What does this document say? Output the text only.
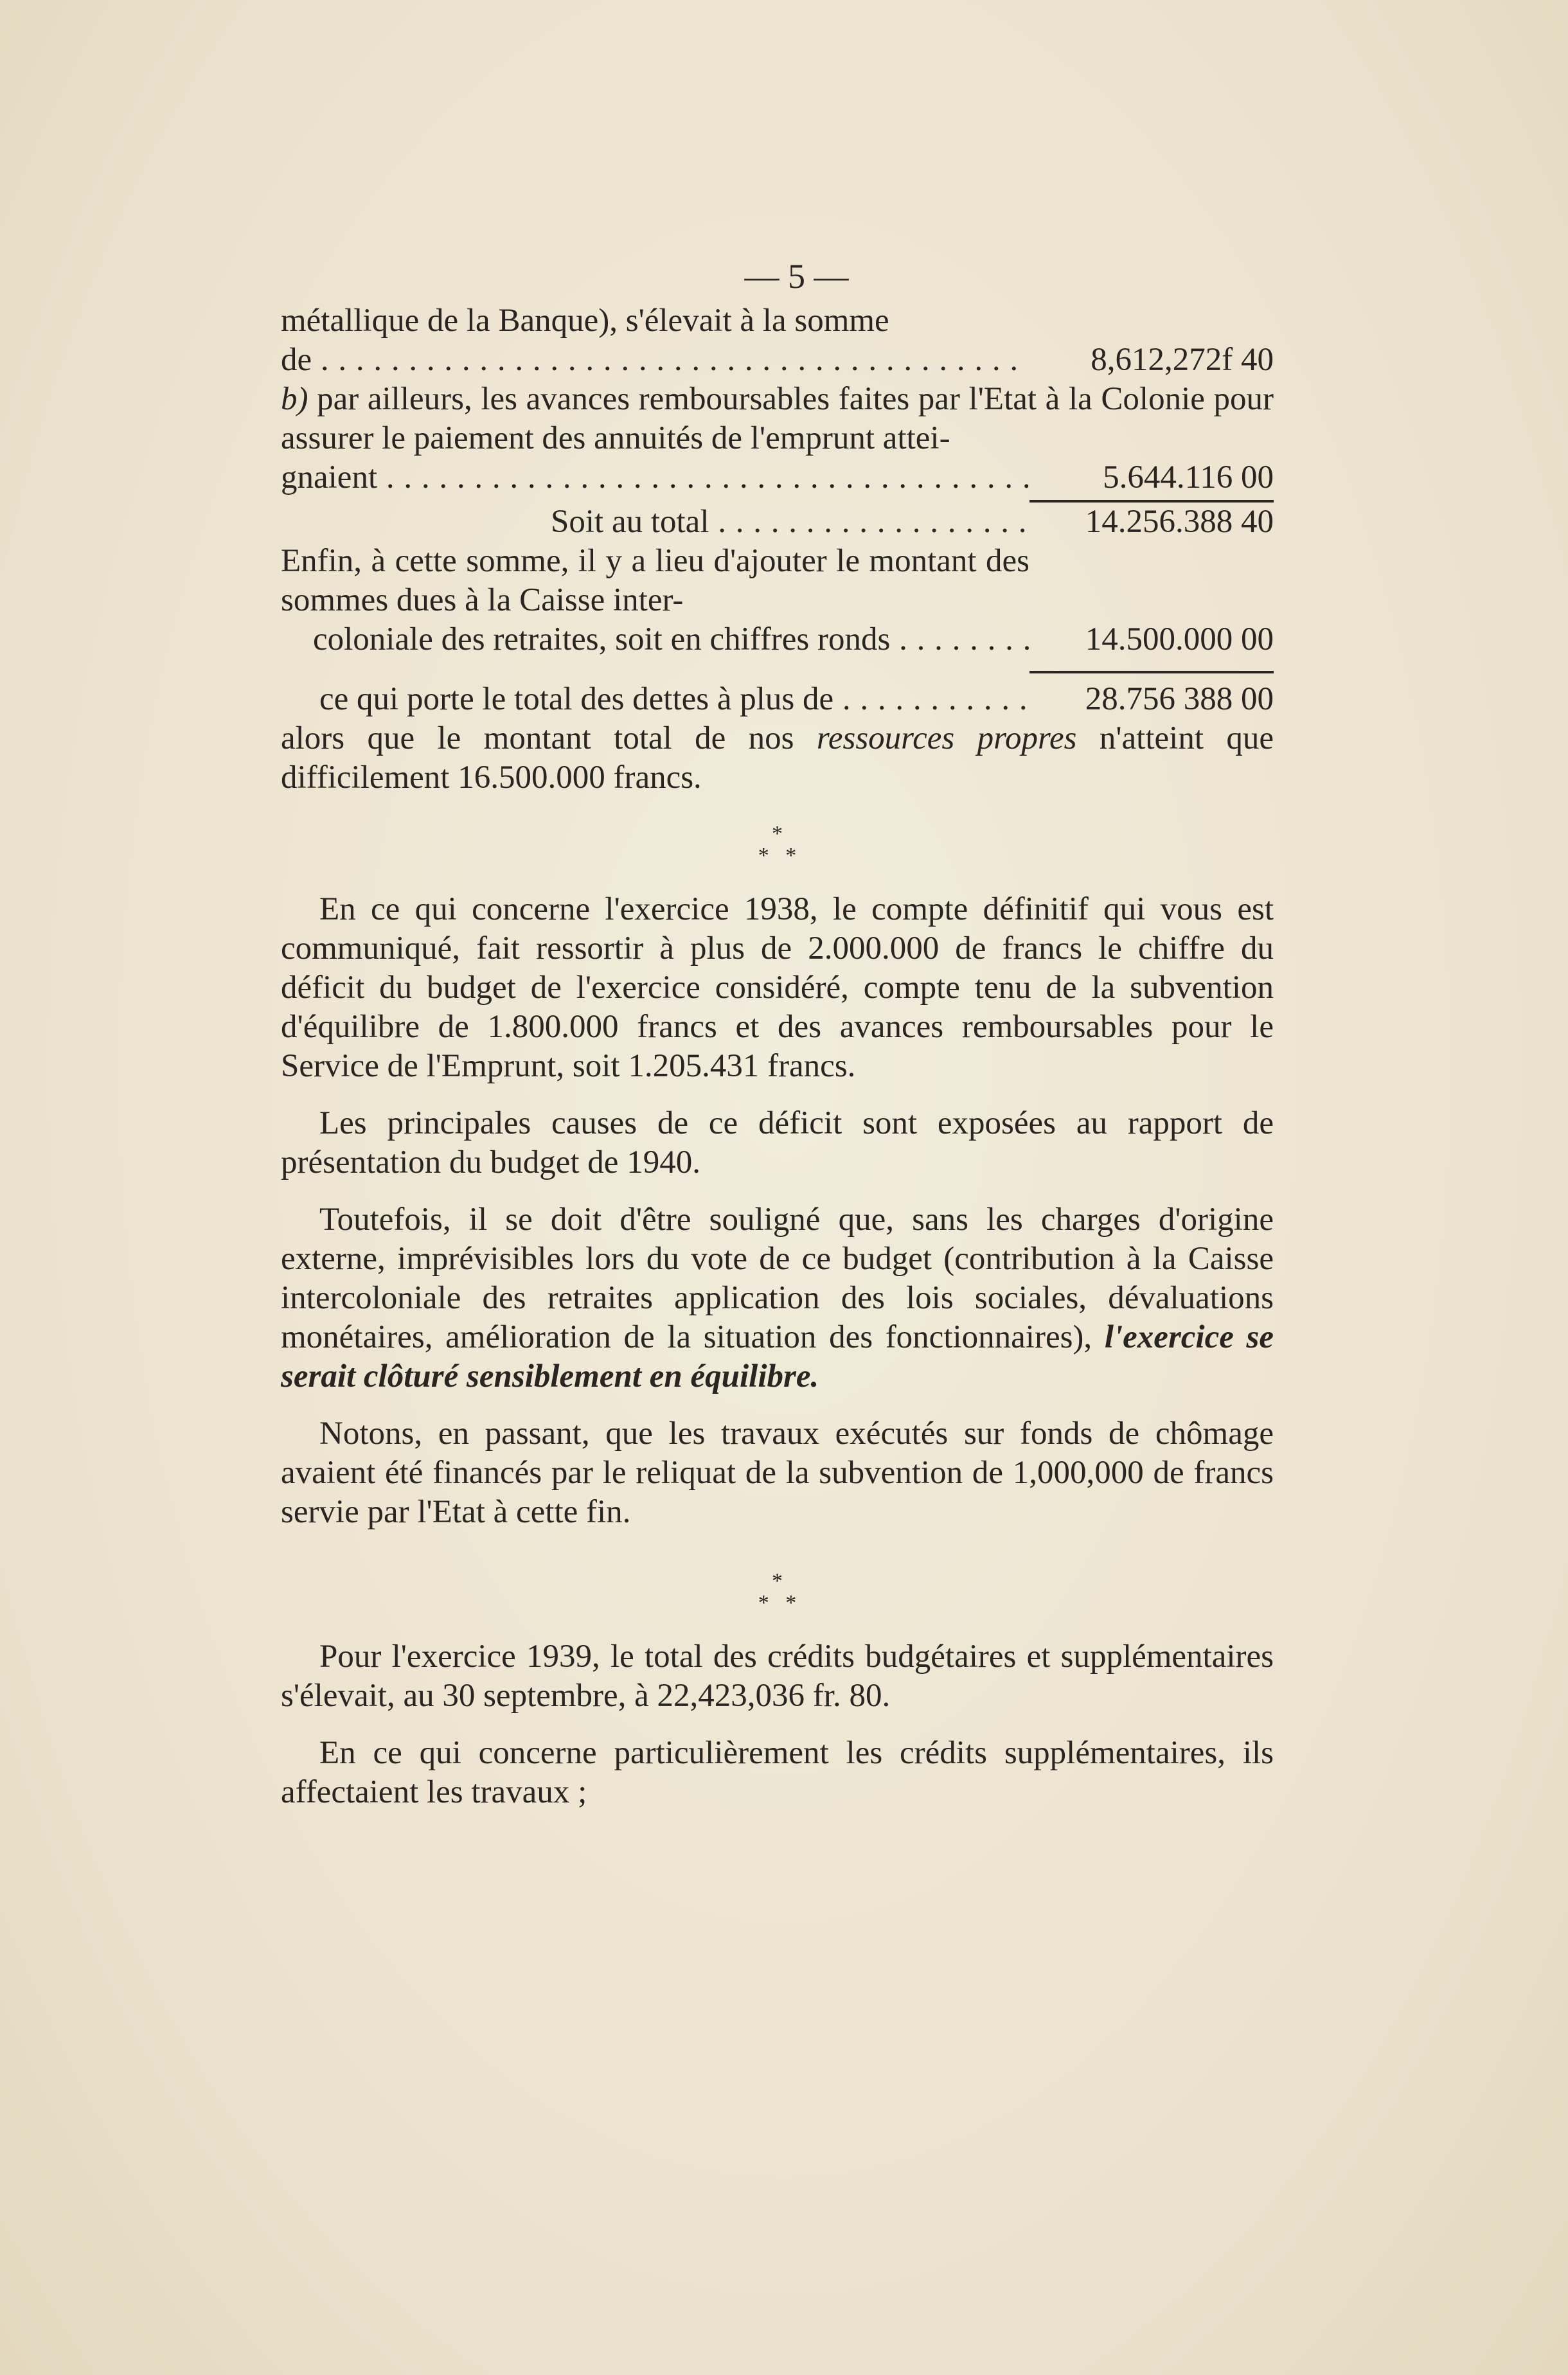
— 5 —

métallique de la Banque), s'élevait à la somme

de . . .	8,612,272f 40

b) par ailleurs, les avances remboursables faites par l'Etat à la Colonie pour assurer le paiement des annuités de l'emprunt attei-

gnaient . . .	5.644.116 00
Soit au total . . .	14.256.388 40

Enfin, à cette somme, il y a lieu d'ajouter le montant des sommes dues à la Caisse inter-

coloniale des retraites, soit en chiffres ronds . . .	14.500.000 00
ce qui porte le total des dettes à plus de . . .	28.756 388 00

alors que le montant total de nos ressources propres n'atteint que difficilement 16.500.000 francs.

*
*   *

En ce qui concerne l'exercice 1938, le compte définitif qui vous est communiqué, fait ressortir à plus de 2.000.000 de francs le chiffre du déficit du budget de l'exercice considéré, compte tenu de la subvention d'équilibre de 1.800.000 francs et des avances remboursables pour le Service de l'Emprunt, soit 1.205.431 francs.

Les principales causes de ce déficit sont exposées au rapport de présentation du budget de 1940.

Toutefois, il se doit d'être souligné que, sans les charges d'origine externe, imprévisibles lors du vote de ce budget (contribution à la Caisse intercoloniale des retraites application des lois sociales, dévaluations monétaires, amélioration de la situation des fonctionnaires), l'exercice se serait clôturé sensiblement en équilibre.

Notons, en passant, que les travaux exécutés sur fonds de chômage avaient été financés par le reliquat de la subvention de 1,000,000 de francs servie par l'Etat à cette fin.

*
*   *

Pour l'exercice 1939, le total des crédits budgétaires et supplémentaires s'élevait, au 30 septembre, à 22,423,036 fr. 80.

En ce qui concerne particulièrement les crédits supplémentaires, ils affectaient les travaux ;
